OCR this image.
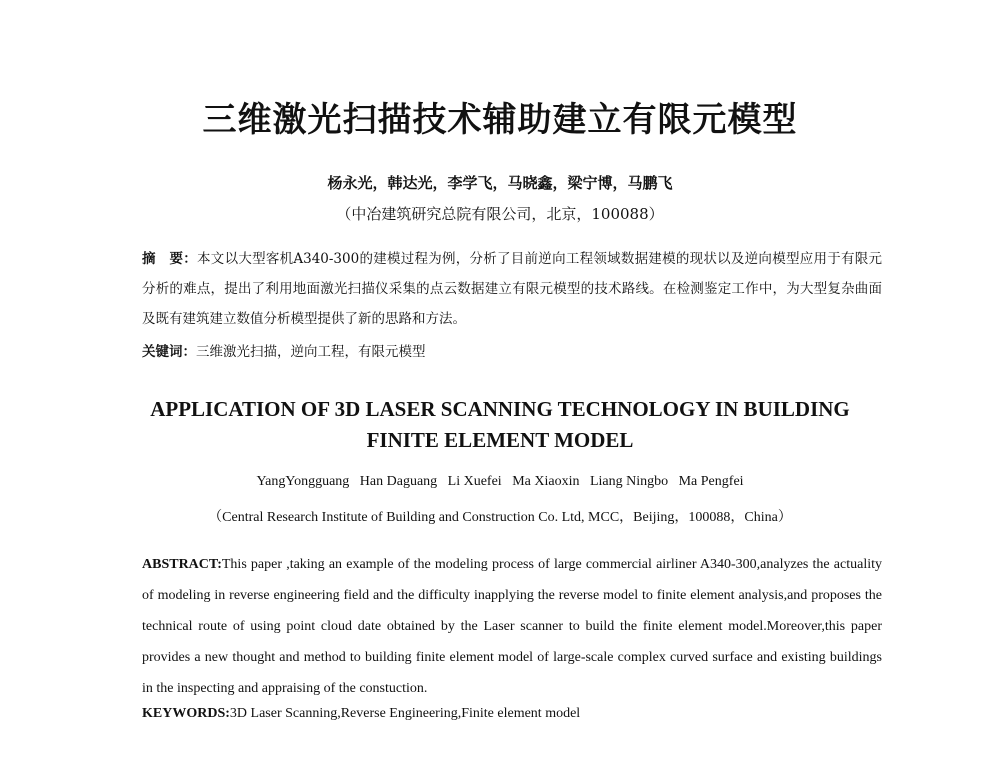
三维激光扫描技术辅助建立有限元模型
杨永光，韩达光，李学飞，马晓鑫，梁宁博，马鹏飞
（中冶建筑研究总院有限公司，北京，100088）
摘　要：本文以大型客机A340-300的建模过程为例，分析了目前逆向工程领域数据建模的现状以及逆向模型应用于有限元分析的难点，提出了利用地面激光扫描仪采集的点云数据建立有限元模型的技术路线。在检测鉴定工作中，为大型复杂曲面及既有建筑建立数值分析模型提供了新的思路和方法。
关键词：三维激光扫描，逆向工程，有限元模型
APPLICATION OF 3D LASER SCANNING TECHNOLOGY IN BUILDING
FINITE ELEMENT MODEL
YangYongguang   Han Daguang   Li Xuefei   Ma Xiaoxin   Liang Ningbo   Ma Pengfei
（Central Research Institute of Building and Construction Co. Ltd, MCC，Beijing，100088，China）
ABSTRACT:This paper ,taking an example of the modeling process of large commercial airliner A340-300,analyzes the actuality of modeling in reverse engineering field and the difficulty inapplying the reverse model to finite element analysis,and proposes the technical route of using point cloud date obtained by the Laser scanner to build the finite element model.Moreover,this paper provides a new thought and method to building finite element model of large-scale complex curved surface and existing buildings in the inspecting and appraising of the constuction.
KEYWORDS:3D Laser Scanning,Reverse Engineering,Finite element model
